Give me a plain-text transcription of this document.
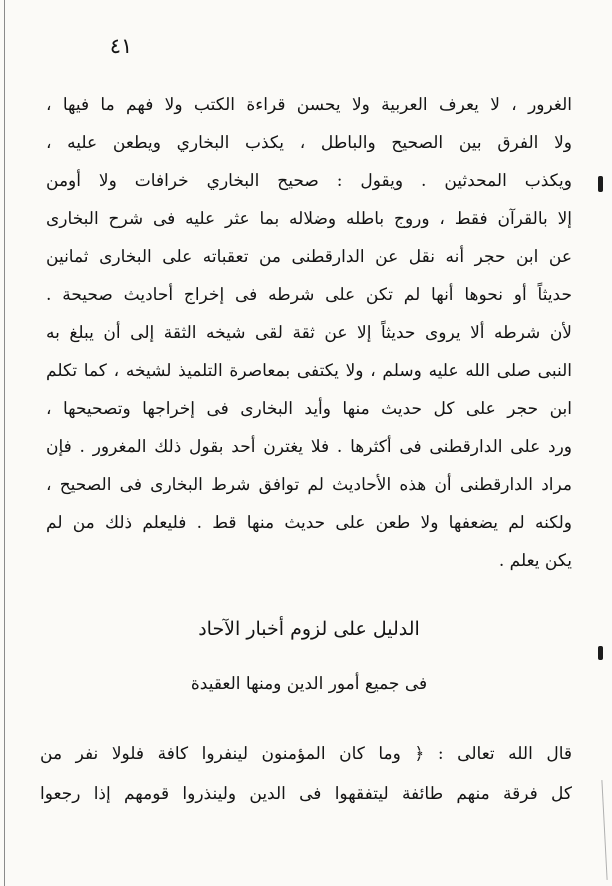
٤١
الغرور ، لا يعرف العربية ولا يحسن قراءة الكتب ولا فهم ما فيها ،
ولا الفرق بين الصحيح والباطل ، يكذب البخاري ويطعن عليه ،
ويكذب المحدثين . ويقول : صحيح البخاري خرافات ولا أومن
إلا بالقرآن فقط ، وروج باطله وضلاله بما عثر عليه فى شرح البخارى
عن ابن حجر أنه نقل عن الدارقطنى من تعقباته على البخارى ثمانين
حديثاً أو نحوها أنها لم تكن على شرطه فى إخراج أحاديث صحيحة .
لأن شرطه ألا يروى حديثاً إلا عن ثقة لقى شيخه الثقة إلى أن يبلغ به
النبى صلى الله عليه وسلم ، ولا يكتفى بمعاصرة التلميذ لشيخه ، كما تكلم
ابن حجر على كل حديث منها وأيد البخارى فى إخراجها وتصحيحها ،
ورد على الدارقطنى فى أكثرها . فلا يغترن أحد بقول ذلك المغرور . فإن
مراد الدارقطنى أن هذه الأحاديث لم توافق شرط البخارى فى الصحيح ،
ولكنه لم يضعفها ولا طعن على حديث منها قط . فليعلم ذلك من لم
يكن يعلم .
الدليل على لزوم أخبار الآحاد
فى جميع أمور الدين ومنها العقيدة
قال الله تعالى : ﴿ وما كان المؤمنون لينفروا كافة فلولا نفر من
كل فرقة منهم طائفة ليتفقهوا فى الدين ولينذروا قومهم إذا رجعوا
